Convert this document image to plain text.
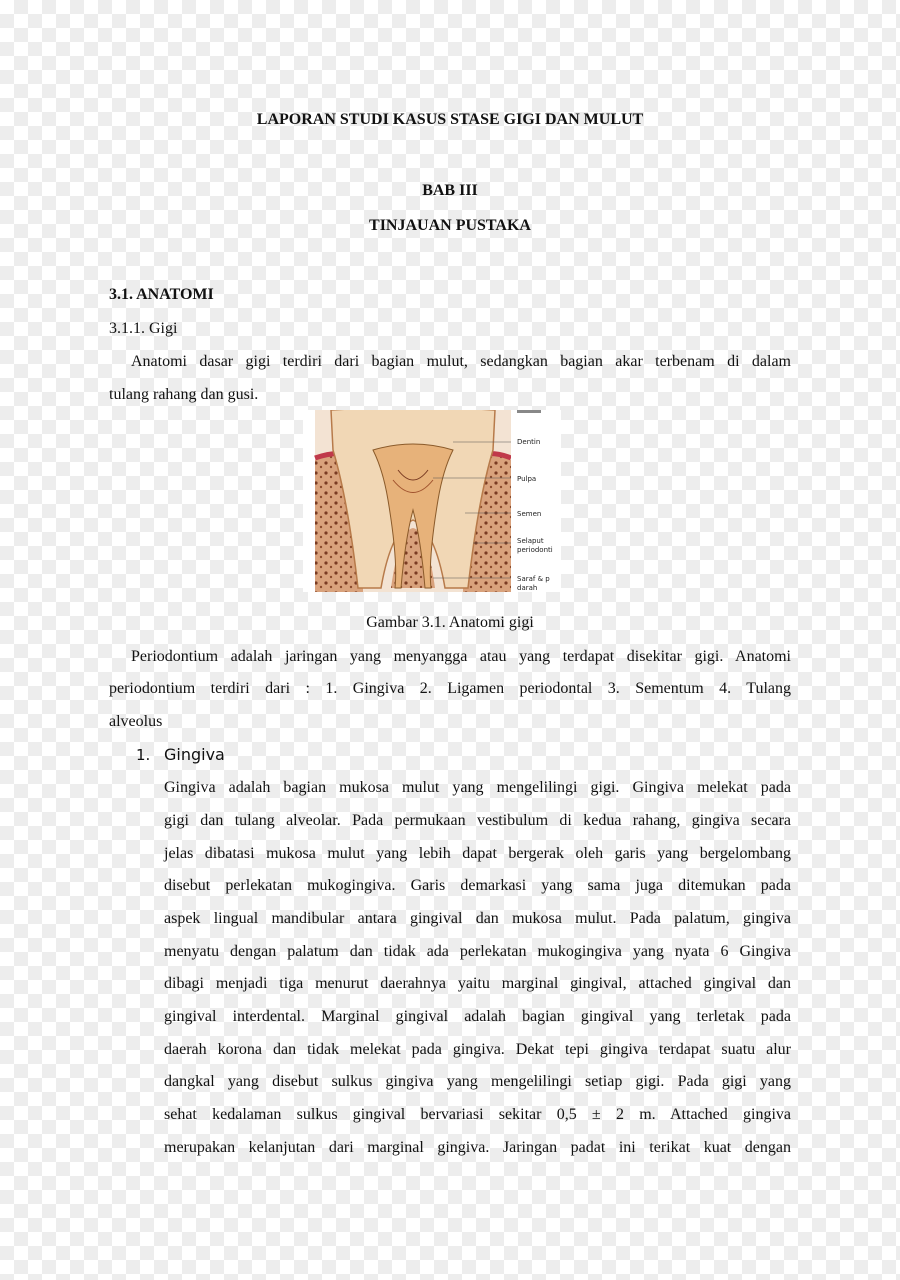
LAPORAN STUDI KASUS STASE GIGI DAN MULUT
BAB III
TINJAUAN PUSTAKA
3.1. ANATOMI
3.1.1. Gigi
Anatomi dasar gigi terdiri dari bagian mulut, sedangkan bagian akar terbenam di dalam
tulang rahang dan gusi.
Dentin
Pulpa
Semen
Selaput
periodonti
Saraf & p
darah
Gambar 3.1. Anatomi gigi
Periodontium adalah jaringan yang menyangga atau yang terdapat disekitar gigi. Anatomi
periodontium terdiri dari : 1. Gingiva 2. Ligamen periodontal 3. Sementum 4. Tulang
alveolus
1. Gingiva
Gingiva adalah bagian mukosa mulut yang mengelilingi gigi. Gingiva melekat pada
gigi dan tulang alveolar. Pada permukaan vestibulum di kedua rahang, gingiva secara
jelas dibatasi mukosa mulut yang lebih dapat bergerak oleh garis yang bergelombang
disebut perlekatan mukogingiva. Garis demarkasi yang sama juga ditemukan pada
aspek lingual mandibular antara gingival dan mukosa mulut. Pada palatum, gingiva
menyatu dengan palatum dan tidak ada perlekatan mukogingiva yang nyata 6 Gingiva
dibagi menjadi tiga menurut daerahnya yaitu marginal gingival, attached gingival dan
gingival interdental. Marginal gingival adalah bagian gingival yang terletak pada
daerah korona dan tidak melekat pada gingiva. Dekat tepi gingiva terdapat suatu alur
dangkal yang disebut sulkus gingiva yang mengelilingi setiap gigi. Pada gigi yang
sehat kedalaman sulkus gingival bervariasi sekitar 0,5 ± 2 m. Attached gingiva
merupakan kelanjutan dari marginal gingiva. Jaringan padat ini terikat kuat dengan
